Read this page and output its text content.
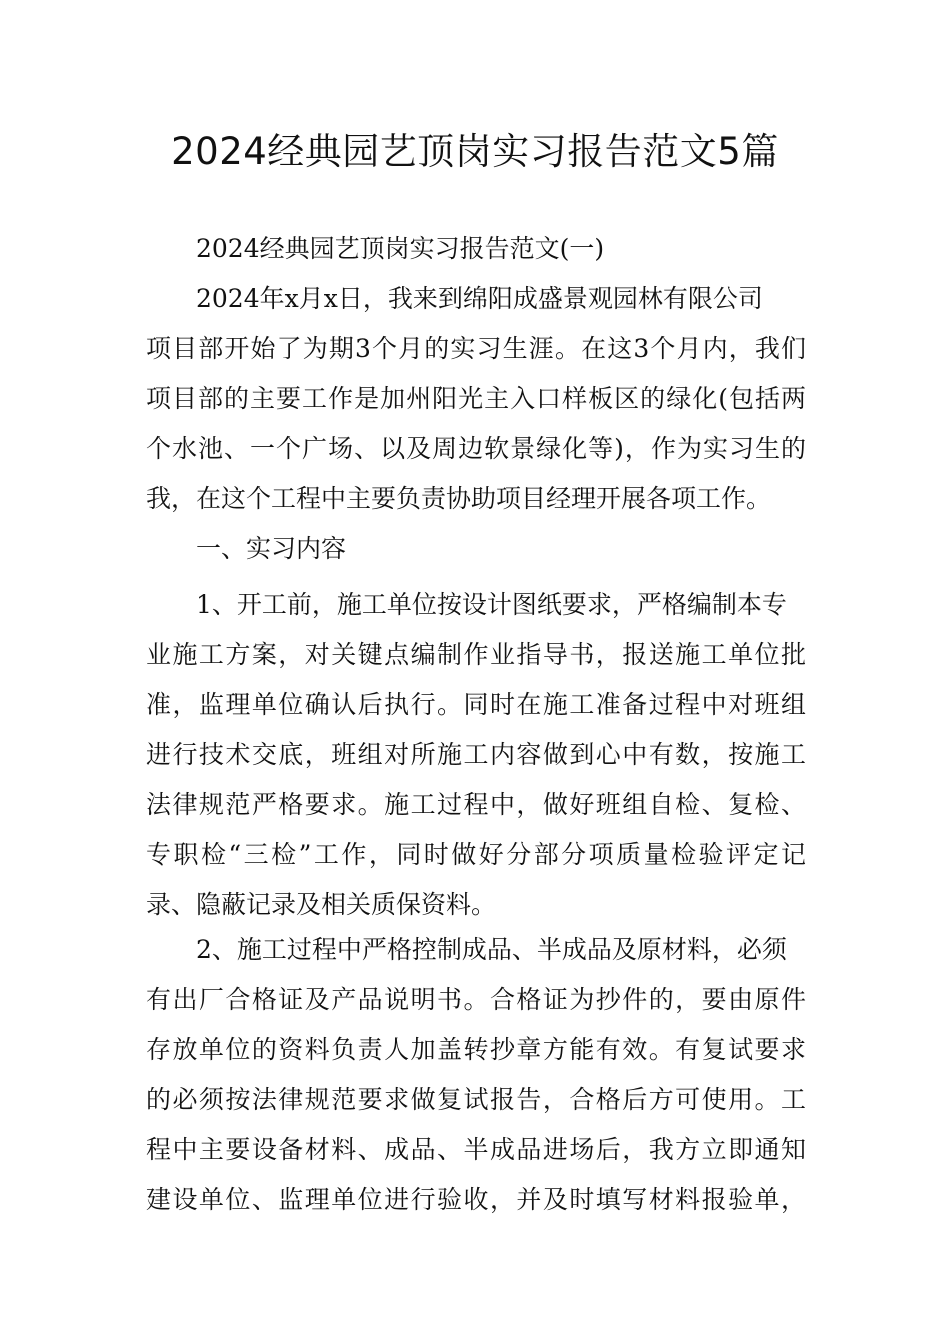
2024经典园艺顶岗实习报告范文5篇
2024经典园艺顶岗实习报告范文(一)
2024年x月x日，我来到绵阳成盛景观园林有限公司
项目部开始了为期3个月的实习生涯。在这3个月内，我们
项目部的主要工作是加州阳光主入口样板区的绿化(包括两
个水池、一个广场、以及周边软景绿化等)，作为实习生的
我，在这个工程中主要负责协助项目经理开展各项工作。
一、实习内容
1、开工前，施工单位按设计图纸要求，严格编制本专
业施工方案，对关键点编制作业指导书，报送施工单位批
准，监理单位确认后执行。同时在施工准备过程中对班组
进行技术交底，班组对所施工内容做到心中有数，按施工
法律规范严格要求。施工过程中，做好班组自检、复检、
专职检“三检”工作，同时做好分部分项质量检验评定记
录、隐蔽记录及相关质保资料。
2、施工过程中严格控制成品、半成品及原材料，必须
有出厂合格证及产品说明书。合格证为抄件的，要由原件
存放单位的资料负责人加盖转抄章方能有效。有复试要求
的必须按法律规范要求做复试报告，合格后方可使用。工
程中主要设备材料、成品、半成品进场后，我方立即通知
建设单位、监理单位进行验收，并及时填写材料报验单，
